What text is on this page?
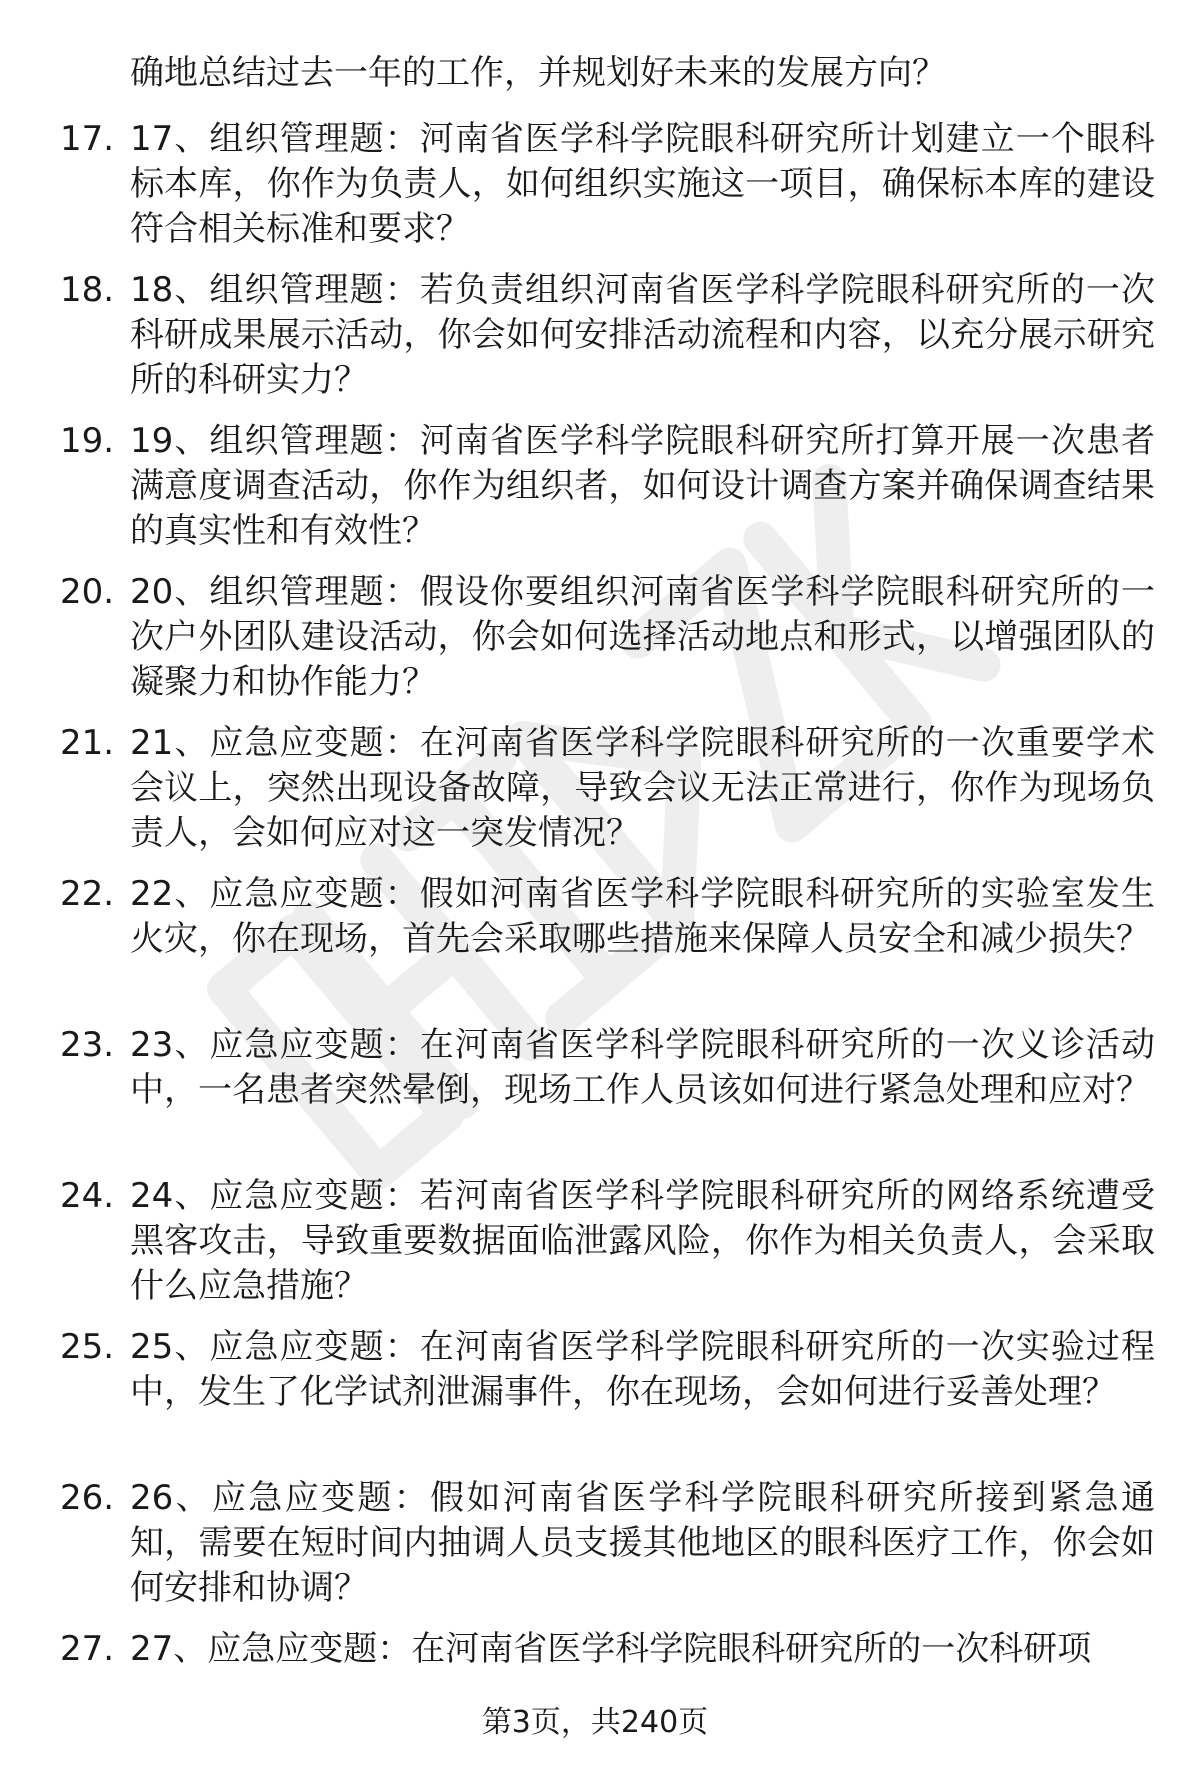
确地总结过去一年的工作，并规划好未来的发展方向？
17. 17、组织管理题：河南省医学科学院眼科研究所计划建立一个眼科标本库，你作为负责人，如何组织实施这一项目，确保标本库的建设符合相关标准和要求？
18. 18、组织管理题：若负责组织河南省医学科学院眼科研究所的一次科研成果展示活动，你会如何安排活动流程和内容，以充分展示研究所的科研实力？
19. 19、组织管理题：河南省医学科学院眼科研究所打算开展一次患者满意度调查活动，你作为组织者，如何设计调查方案并确保调查结果的真实性和有效性？
20. 20、组织管理题：假设你要组织河南省医学科学院眼科研究所的一次户外团队建设活动，你会如何选择活动地点和形式，以增强团队的凝聚力和协作能力？
21. 21、应急应变题：在河南省医学科学院眼科研究所的一次重要学术会议上，突然出现设备故障，导致会议无法正常进行，你作为现场负责人，会如何应对这一突发情况？
22. 22、应急应变题：假如河南省医学科学院眼科研究所的实验室发生火灾，你在现场，首先会采取哪些措施来保障人员安全和减少损失？
23. 23、应急应变题：在河南省医学科学院眼科研究所的一次义诊活动中，一名患者突然晕倒，现场工作人员该如何进行紧急处理和应对？
24. 24、应急应变题：若河南省医学科学院眼科研究所的网络系统遭受黑客攻击，导致重要数据面临泄露风险，你作为相关负责人，会采取什么应急措施？
25. 25、应急应变题：在河南省医学科学院眼科研究所的一次实验过程中，发生了化学试剂泄漏事件，你在现场，会如何进行妥善处理？
26. 26、应急应变题：假如河南省医学科学院眼科研究所接到紧急通知，需要在短时间内抽调人员支援其他地区的眼科医疗工作，你会如何安排和协调？
27. 27、应急应变题：在河南省医学科学院眼科研究所的一次科研项
第3页，共240页
